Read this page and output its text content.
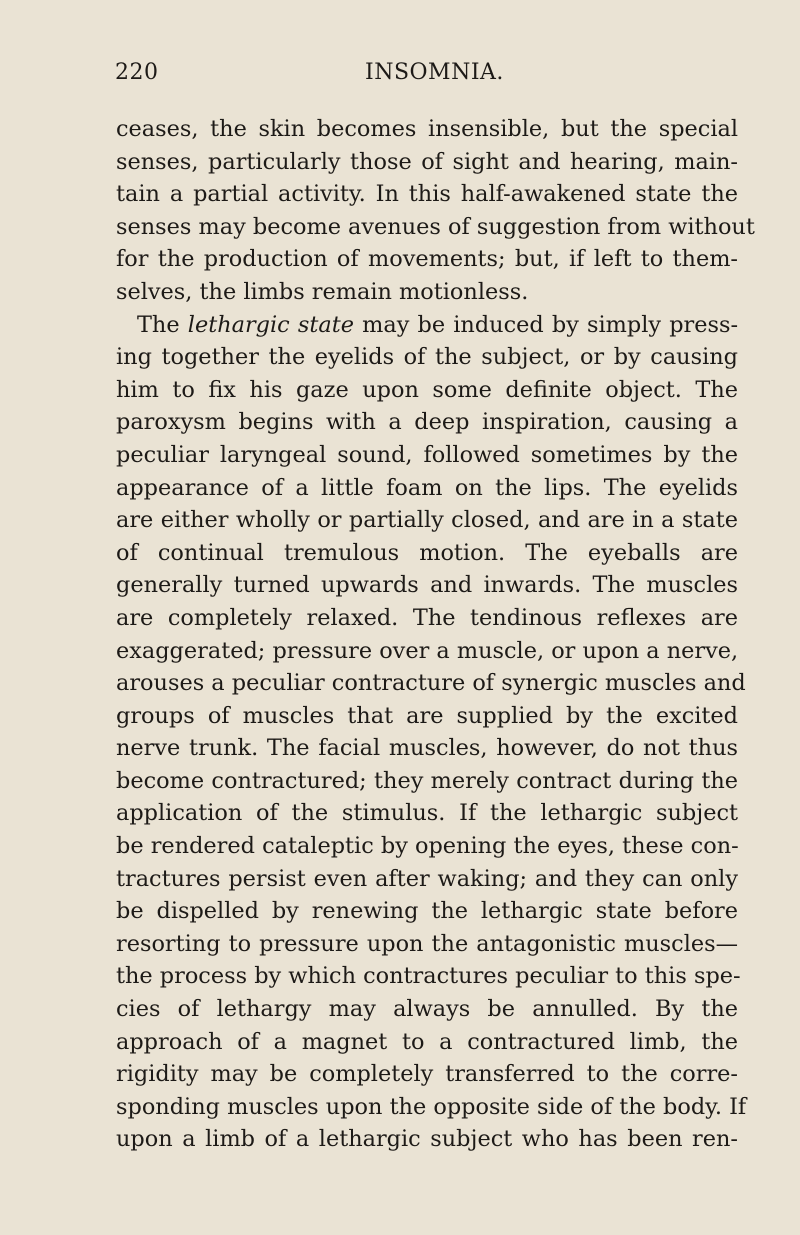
220	INSOMNIA.
ceases, the skin becomes insensible, but the special
senses, particularly those of sight and hearing, main-
tain a partial activity. In this half-awakened state the
senses may become avenues of suggestion from without
for the production of movements; but, if left to them-
selves, the limbs remain motionless.
The lethargic state may be induced by simply press-
ing together the eyelids of the subject, or by causing
him to fix his gaze upon some definite object. The
paroxysm begins with a deep inspiration, causing a
peculiar laryngeal sound, followed sometimes by the
appearance of a little foam on the lips. The eyelids
are either wholly or partially closed, and are in a state
of continual tremulous motion. The eyeballs are
generally turned upwards and inwards. The muscles
are completely relaxed. The tendinous reflexes are
exaggerated; pressure over a muscle, or upon a nerve,
arouses a peculiar contracture of synergic muscles and
groups of muscles that are supplied by the excited
nerve trunk. The facial muscles, however, do not thus
become contractured; they merely contract during the
application of the stimulus. If the lethargic subject
be rendered cataleptic by opening the eyes, these con-
tractures persist even after waking; and they can only
be dispelled by renewing the lethargic state before
resorting to pressure upon the antagonistic muscles—
the process by which contractures peculiar to this spe-
cies of lethargy may always be annulled. By the
approach of a magnet to a contractured limb, the
rigidity may be completely transferred to the corre-
sponding muscles upon the opposite side of the body. If
upon a limb of a lethargic subject who has been ren-
